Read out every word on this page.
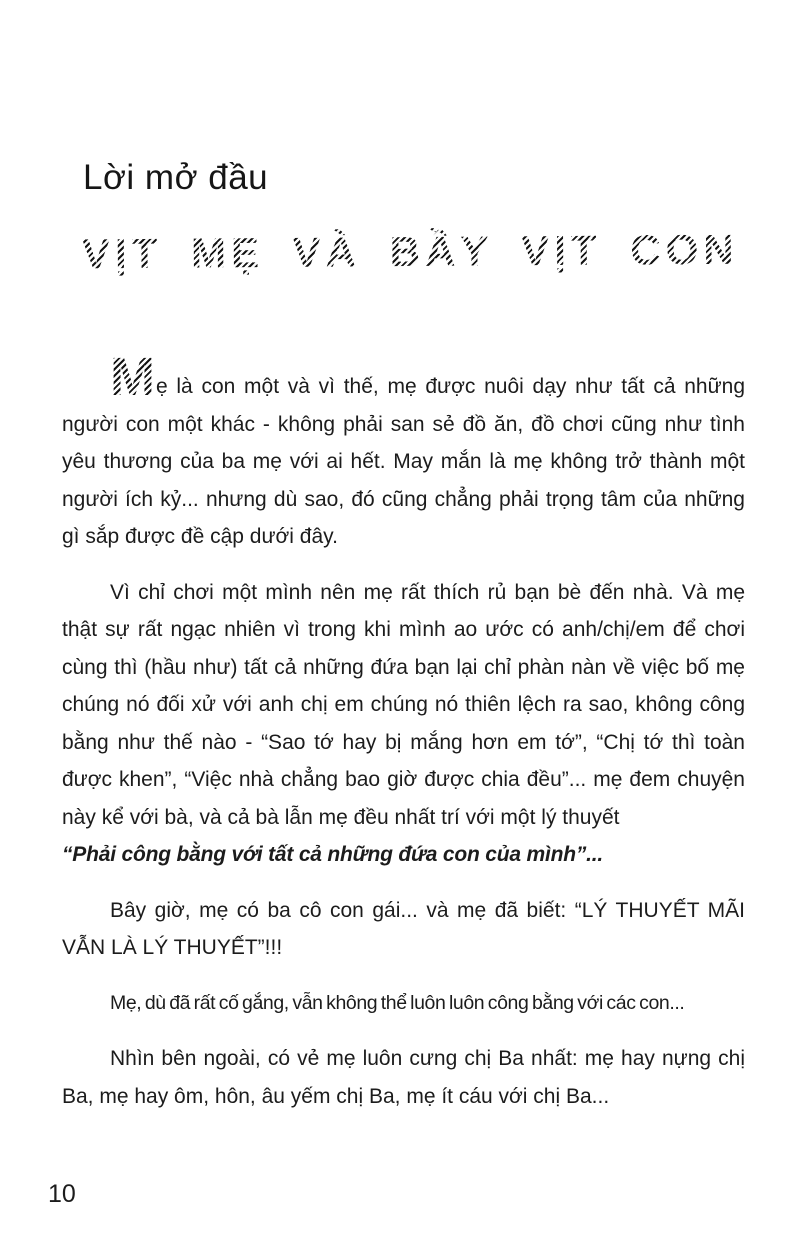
Lời mở đầu
VỊT MẸ VÀ BẦY VỊT CON

Mẹ là con một và vì thế, mẹ được nuôi dạy như tất cả những người con một khác - không phải san sẻ đồ ăn, đồ chơi cũng như tình yêu thương của ba mẹ với ai hết. May mắn là mẹ không trở thành một người ích kỷ... nhưng dù sao, đó cũng chẳng phải trọng tâm của những gì sắp được đề cập dưới đây.

Vì chỉ chơi một mình nên mẹ rất thích rủ bạn bè đến nhà. Và mẹ thật sự rất ngạc nhiên vì trong khi mình ao ước có anh/chị/em để chơi cùng thì (hầu như) tất cả những đứa bạn lại chỉ phàn nàn về việc bố mẹ chúng nó đối xử với anh chị em chúng nó thiên lệch ra sao, không công bằng như thế nào - “Sao tớ hay bị mắng hơn em tớ”, “Chị tớ thì toàn được khen”, “Việc nhà chẳng bao giờ được chia đều”... mẹ đem chuyện này kể với bà, và cả bà lẫn mẹ đều nhất trí với một lý thuyết
“Phải công bằng với tất cả những đứa con của mình”...

Bây giờ, mẹ có ba cô con gái... và mẹ đã biết: “LÝ THUYẾT MÃI VẪN LÀ LÝ THUYẾT”!!!

Mẹ, dù đã rất cố gắng, vẫn không thể luôn luôn công bằng với các con...

Nhìn bên ngoài, có vẻ mẹ luôn cưng chị Ba nhất: mẹ hay nựng chị Ba, mẹ hay ôm, hôn, âu yếm chị Ba, mẹ ít cáu với chị Ba...

10
